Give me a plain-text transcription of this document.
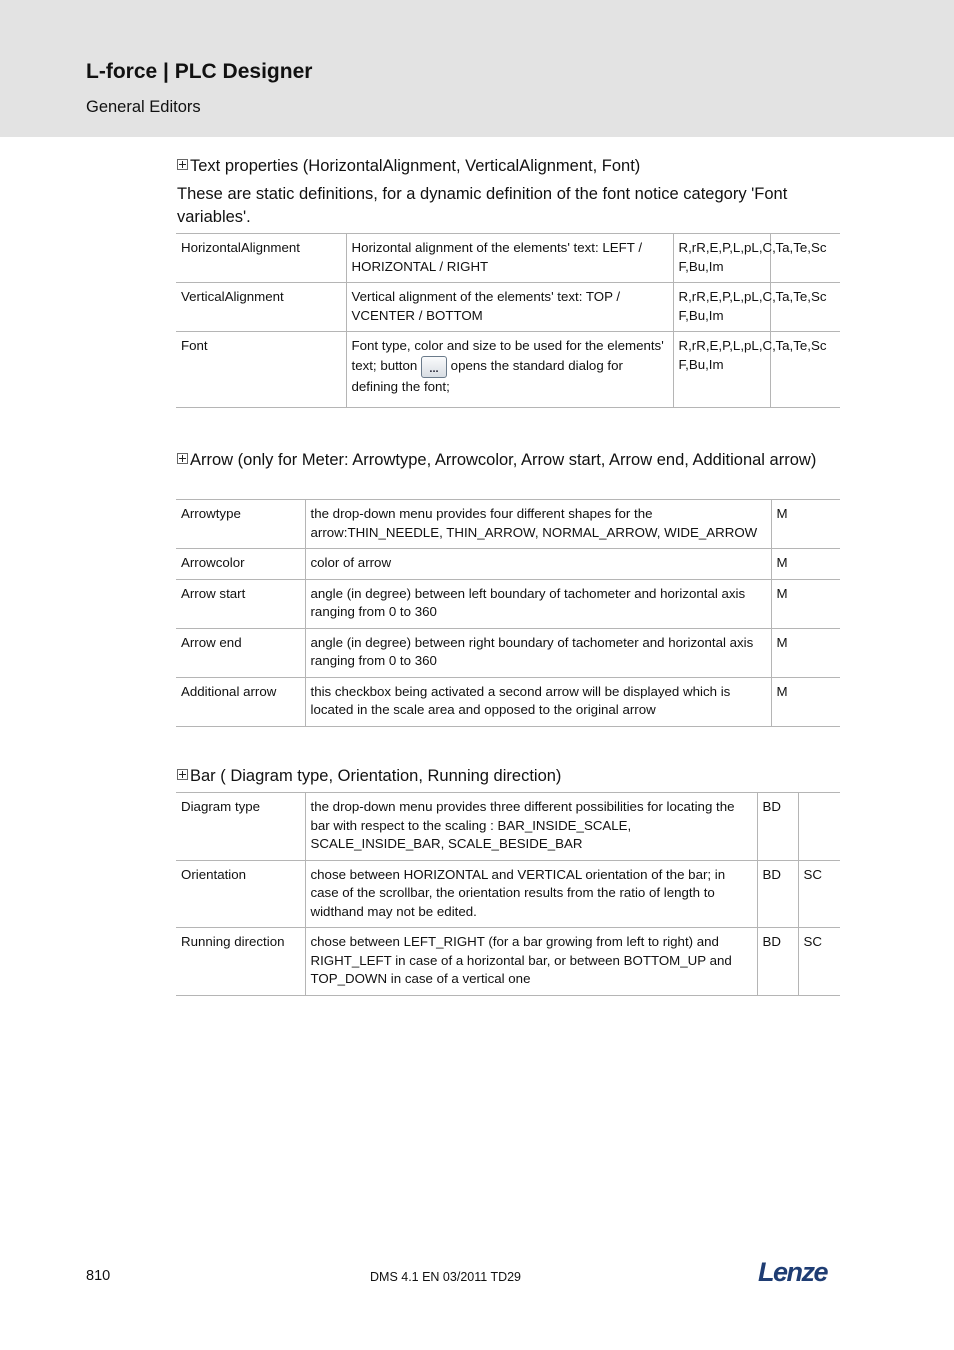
L-force | PLC Designer
General Editors
Text properties (HorizontalAlignment, VerticalAlignment, Font)
These are static definitions, for a dynamic definition of the font notice category 'Font variables'.
HorizontalAlignment	Horizontal alignment of the elements' text: LEFT / HORIZONTAL / RIGHT	R,rR,E,P,L,pL,C, F,Bu,Im	Ta,Te,Sc
VerticalAlignment	Vertical alignment of the elements' text: TOP / VCENTER / BOTTOM	R,rR,E,P,L,pL,C, F,Bu,Im	Ta,Te,Sc
Font	Font type, color and size to be used for the elements' text; button ... opens the standard dialog for defining the font;	R,rR,E,P,L,pL,C, F,Bu,Im	Ta,Te,Sc
Arrow (only for Meter: Arrowtype, Arrowcolor, Arrow start, Arrow end, Additional arrow)
Arrowtype	the drop-down menu provides four different shapes for the arrow:THIN_NEEDLE, THIN_ARROW, NORMAL_ARROW, WIDE_ARROW	M
Arrowcolor	color of arrow	M
Arrow start	angle (in degree) between left boundary of tachometer and horizontal axis ranging from 0 to 360	M
Arrow end	angle (in degree) between right boundary of tachometer and horizontal axis ranging from 0 to 360	M
Additional arrow	this checkbox being activated a second arrow will be displayed which is located in the scale area and opposed to the original arrow	M
Bar ( Diagram type, Orientation, Running direction)
Diagram type	the drop-down menu provides three different possibilities for locating the bar with respect to the scaling : BAR_INSIDE_SCALE, SCALE_INSIDE_BAR, SCALE_BESIDE_BAR	BD	
Orientation	chose between HORIZONTAL and VERTICAL orientation of the bar; in case of the scrollbar, the orientation results from the ratio of length to widthand may not be edited.	BD	SC
Running direction	chose between LEFT_RIGHT (for a bar growing from left to right) and RIGHT_LEFT in case of a horizontal bar, or between BOTTOM_UP and TOP_DOWN in case of a vertical one	BD	SC
810	DMS 4.1 EN 03/2011 TD29	Lenze
